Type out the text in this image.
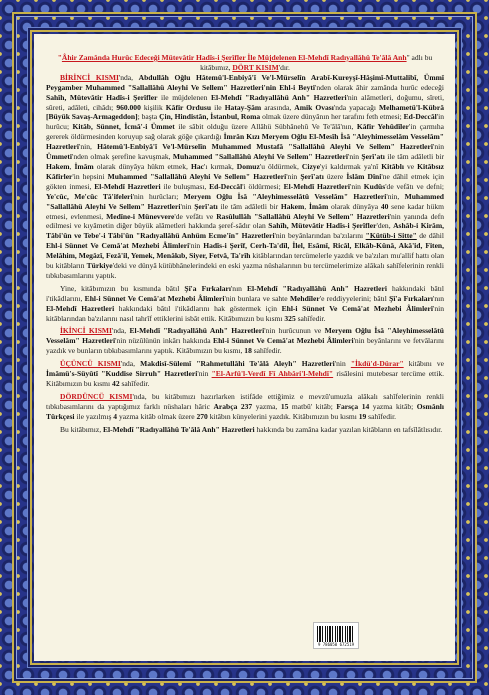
"Âhir Zamânda Hurûc Edeceği Mütevâtir Hadîs-i Şerîfler İle Müjdelenen El-Mehdî Radıyallâhü Te'âlâ Anh" adlı bu kitâbımız, DÖRT KISIM'dır.

BİRİNCİ KISMI'nda, Abdullâh Oğlu Hâtemü'l-Enbiyâ'î Ve'l-Mürselîn Arabî-Kureyşî-Hâşimî-Muttalibî, Ümmî Peygamber Muhammed "Sallallâhü Aleyhi Ve Sellem" Hazretleri'nin Ehl-i Beyti'nden olarak âhir zamânda hurûc edeceği Sahîh, Mütevâtir Hadîs-i Şerîfler ile müjdelenen El-Mehdî "Radıyallâhü Anh" Hazretleri'nin alâmetleri, doğumu, sîreti, sûreti, adâleti, cihâdı; 960.000 kişilik Kâfir Ordusu ile Hatay-Şâm arasında, Amik Ovası'nda yapacağı Melhametü'l-Kübrâ [Büyük Savaş-Armageddon]; başta Çin, Hindistân, İstanbul, Roma olmak üzere dünyânın her tarafını feth etmesi; Ed-Deccâl'in hurûcu; Kitâb, Sünnet, İcmâ'-i Ümmet ile sâbit olduğu üzere Allâhü Sübhânehû Ve Te'âlâ'nın, Kâfir Yehûdîler'in çarmıha gererek öldürmesinden koruyup sağ olarak göğe çıkardığı İmrân Kızı Meryem Oğlu El-Mesîh İsâ "Aleyhimesselâm Vesselâm" Hazretleri'nin, Hâtemü'l-Enbiyâ'î Ve'l-Mürselîn Muhammed Mustafâ "Sallallâhü Aleyhi Ve Sellem" Hazretleri'nin Ümmeti'nden olmak şerefine kavuşmak, Muhammed "Sallallâhü Aleyhi Ve Sellem" Hazretleri'nin Şerî'atı ile tâm adâletli bir Hakem, İmâm olarak dünyâya hükm etmek, Hac'ı kırmak, Domuz'u öldürmek, Cizye'yi kaldırmak ya'nî Kitâblı ve Kitâbsız Kâfirler'in hepsini Muhammed "Sallallâhü Aleyhi Ve Sellem" Hazretleri'nin Şerî'atı üzere İslâm Dîni'ne dâhil etmek için gökten inmesi, El-Mehdî Hazretleri ile buluşması, Ed-Deccâl'i öldürmesi; El-Mehdî Hazretleri'nin Kudüs'de vefâtı ve defni; Ye'cûc, Me'cûc Tâ'ifeleri'nin hurûcları; Meryem Oğlu İsâ "Aleyhimesselâtü Vesselâm" Hazretleri'nin, Muhammed "Sallallâhü Aleyhi Ve Sellem" Hazretleri'nin Şerî'atı ile tâm adâletli bir Hakem, İmâm olarak dünyâya 40 sene kadar hükm etmesi, evlenmesi, Medîne-i Münevvere'de vefâtı ve Rasûlullâh "Sallallâhü Aleyhi Ve Sellem" Hazretleri'nin yanında defn edilmesi ve kıyâmetin diğer büyük alâmetleri hakkında şeref-sâdır olan Sahîh, Mütevâtir Hadîs-i Şerîfler'den, Ashâb-i Kirâm, Tâbi'ûn ve Tebe'-i Tâbi'ûn "Radıyallâhü Anhüm Ecme'în" Hazretleri'nin beyânlarından ba'zılarını "Kütüb-i Sitte" de dâhil Ehl-i Sünnet Ve Cemâ'at Mezhebi Âlimleri'nin Hadîs-i Şerîf, Cerh-Ta'dîl, İlel, Esâmî, Ricâl, Elkâb-Künâ, Akâ'id, Fiten, Melâhim, Megâzî, Fezâ'il, Yemek, Menâkıb, Siyer, Fetvâ, Ta'rîh kitâblarından tercümelerle yazdık ve ba'zıları mu'allif hattı olan bu kitâbların Türkiye'deki ve dünyâ kütübhânelerindeki en eski yazma nüshalarının bu tercümelerimize alâkalı sahîfelerinin renkli tıbkıbasımlarını yaptık.

Yine, kitâbımızın bu kısmında bâtıl Şî'a Fırkaları'nın El-Mehdî "Radıyallâhü Anh" Hazretleri hakkındaki bâtıl i'tikâdlarını, Ehl-i Sünnet Ve Cemâ'at Mezhebi Âlimleri'nin bunlara ve sahte Mehdîler'e reddiyyelerini; bâtıl Şî'a Fırkaları'nın El-Mehdî Hazretleri hakkındaki bâtıl i'tikâdlarını hak göstermek için Ehl-i Sünnet Ve Cemâ'at Mezhebi Âlimleri'nin kitâblarından ba'zılarını nasıl tahrîf ettiklerini isbât ettik. Kitâbımızın bu kısmı 325 sahîfedir.

İKİNCİ KISMI'nda, El-Mehdî "Radıyallâhü Anh" Hazretleri'nin hurûcunun ve Meryem Oğlu İsâ "Aleyhimesselâtü Vesselâm" Hazretleri'nin nüzûlünün inkârı hakkında Ehl-i Sünnet Ve Cemâ'at Mezhebi Âlimleri'nin beyânlarını ve fetvâlarını yazdık ve bunların tıbkıbasımlarını yaptık. Kitâbımızın bu kısmı, 18 sahîfedir.

ÜÇÜNCÜ KISMI'nda, Makdisî-Sülemî "Rahmetullâhi Te'âlâ Aleyh" Hazretleri'nin "İkdü'd-Dürar" kitâbını ve İmâmü's-Süyûtî "Kuddise Sirruh" Hazretleri'nin "El-Arfü'l-Verdî Fî Ahbâri'l-Mehdî" risâlesini mutebesar tercüme ettik. Kitâbımızın bu kısmı 42 sahîfedir.

DÖRDÜNCÜ KISMI'nda, bu kitâbımızı hazırlarken istifâde ettiğimiz e mevzû'umuzla alâkalı sahîfelerinin renkli tıbkıbasımlarını da yaptığımız farklı nüshaları hâric Arabça 237 yazma, 15 matbû' kitâb; Farsça 14 yazma kitâb; Osmânlı Türkçesi ile yazılmış 4 yazma kitâb olmak üzere 270 kitâbın künyelerini yazdık. Kitâbımızın bu kısmı 19 sahîfedir.

Bu kitâbımız, El-Mehdî "Radıyallâhü Te'âlâ Anh" Hazretleri hakkında bu zamâna kadar yazılan kitâbların en tafsîlâtlısıdır.

9 786050 672519
